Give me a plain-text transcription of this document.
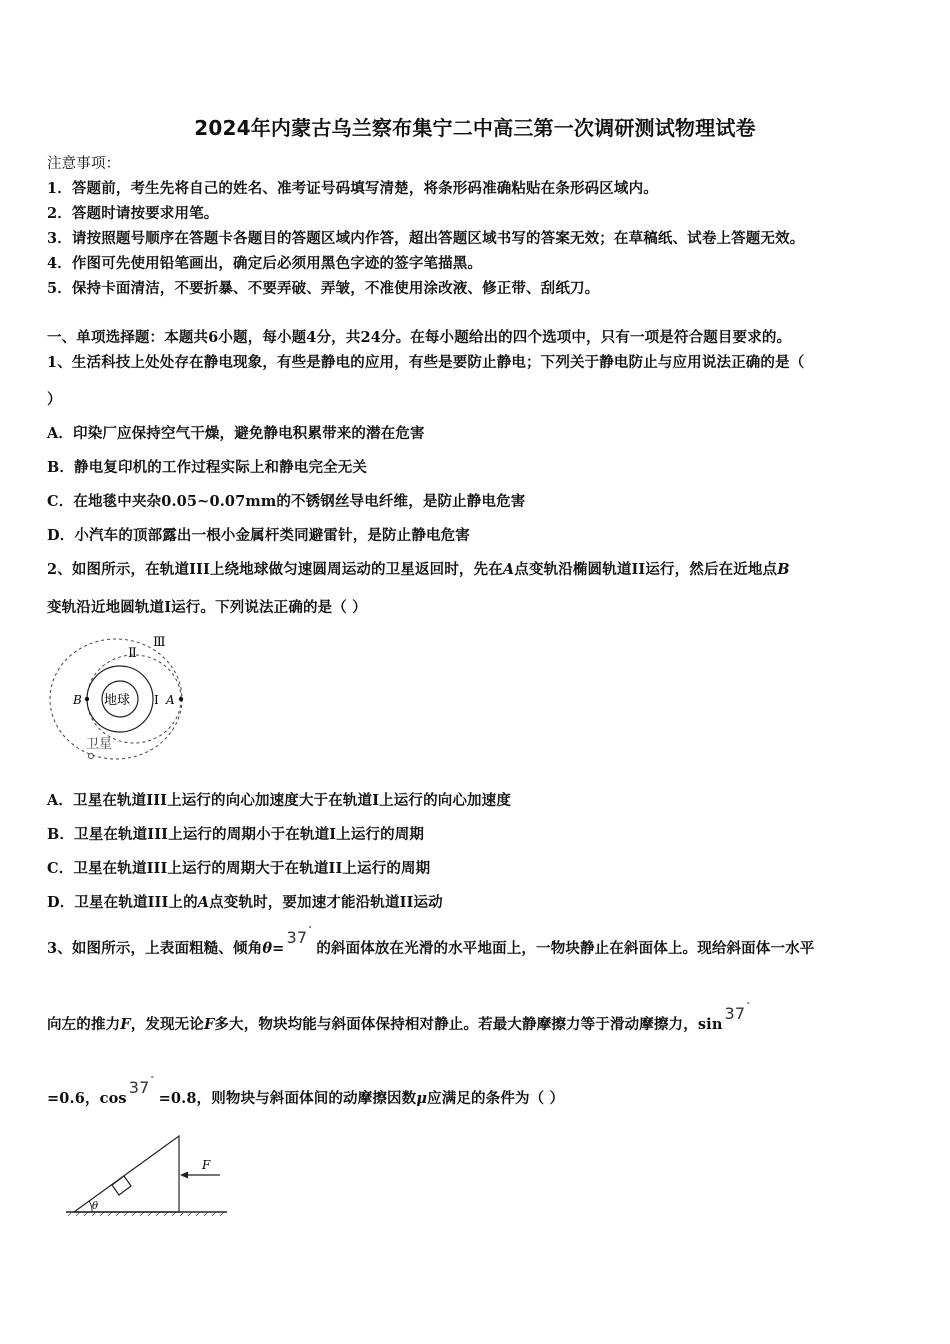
2024年内蒙古乌兰察布集宁二中高三第一次调研测试物理试卷
注意事项：
1．答题前，考生先将自己的姓名、准考证号码填写清楚，将条形码准确粘贴在条形码区域内。
2．答题时请按要求用笔。
3．请按照题号顺序在答题卡各题目的答题区域内作答，超出答题区域书写的答案无效；在草稿纸、试卷上答题无效。
4．作图可先使用铅笔画出，确定后必须用黑色字迹的签字笔描黑。
5．保持卡面清洁，不要折暴、不要弄破、弄皱，不准使用涂改液、修正带、刮纸刀。
一、单项选择题：本题共6小题，每小题4分，共24分。在每小题给出的四个选项中，只有一项是符合题目要求的。
1、生活科技上处处存在静电现象，有些是静电的应用，有些是要防止静电；下列关于静电防止与应用说法正确的是（
）
A．印染厂应保持空气干燥，避免静电积累带来的潜在危害
B．静电复印机的工作过程实际上和静电完全无关
C．在地毯中夹杂0.05~0.07mm的不锈钢丝导电纤维，是防止静电危害
D．小汽车的顶部露出一根小金属杆类同避雷针，是防止静电危害
2、如图所示，在轨道III上绕地球做匀速圆周运动的卫星返回时，先在A点变轨沿椭圆轨道II运行，然后在近地点B
变轨沿近地圆轨道I运行。下列说法正确的是（ ）
地球
Ⅲ
Ⅱ
I
B	A
卫星
A．卫星在轨道III上运行的向心加速度大于在轨道I上运行的向心加速度
B．卫星在轨道III上运行的周期小于在轨道I上运行的周期
C．卫星在轨道III上运行的周期大于在轨道II上运行的周期
D．卫星在轨道III上的A点变轨时，要加速才能沿轨道II运动
3、如图所示，上表面粗糙、倾角θ=37˚的斜面体放在光滑的水平地面上，一物块静止在斜面体上。现给斜面体一水平
向左的推力F，发现无论F多大，物块均能与斜面体保持相对静止。若最大静摩擦力等于滑动摩擦力，sin37˚
=0.6，cos37˚=0.8，则物块与斜面体间的动摩擦因数μ应满足的条件为（ ）
θ
F
